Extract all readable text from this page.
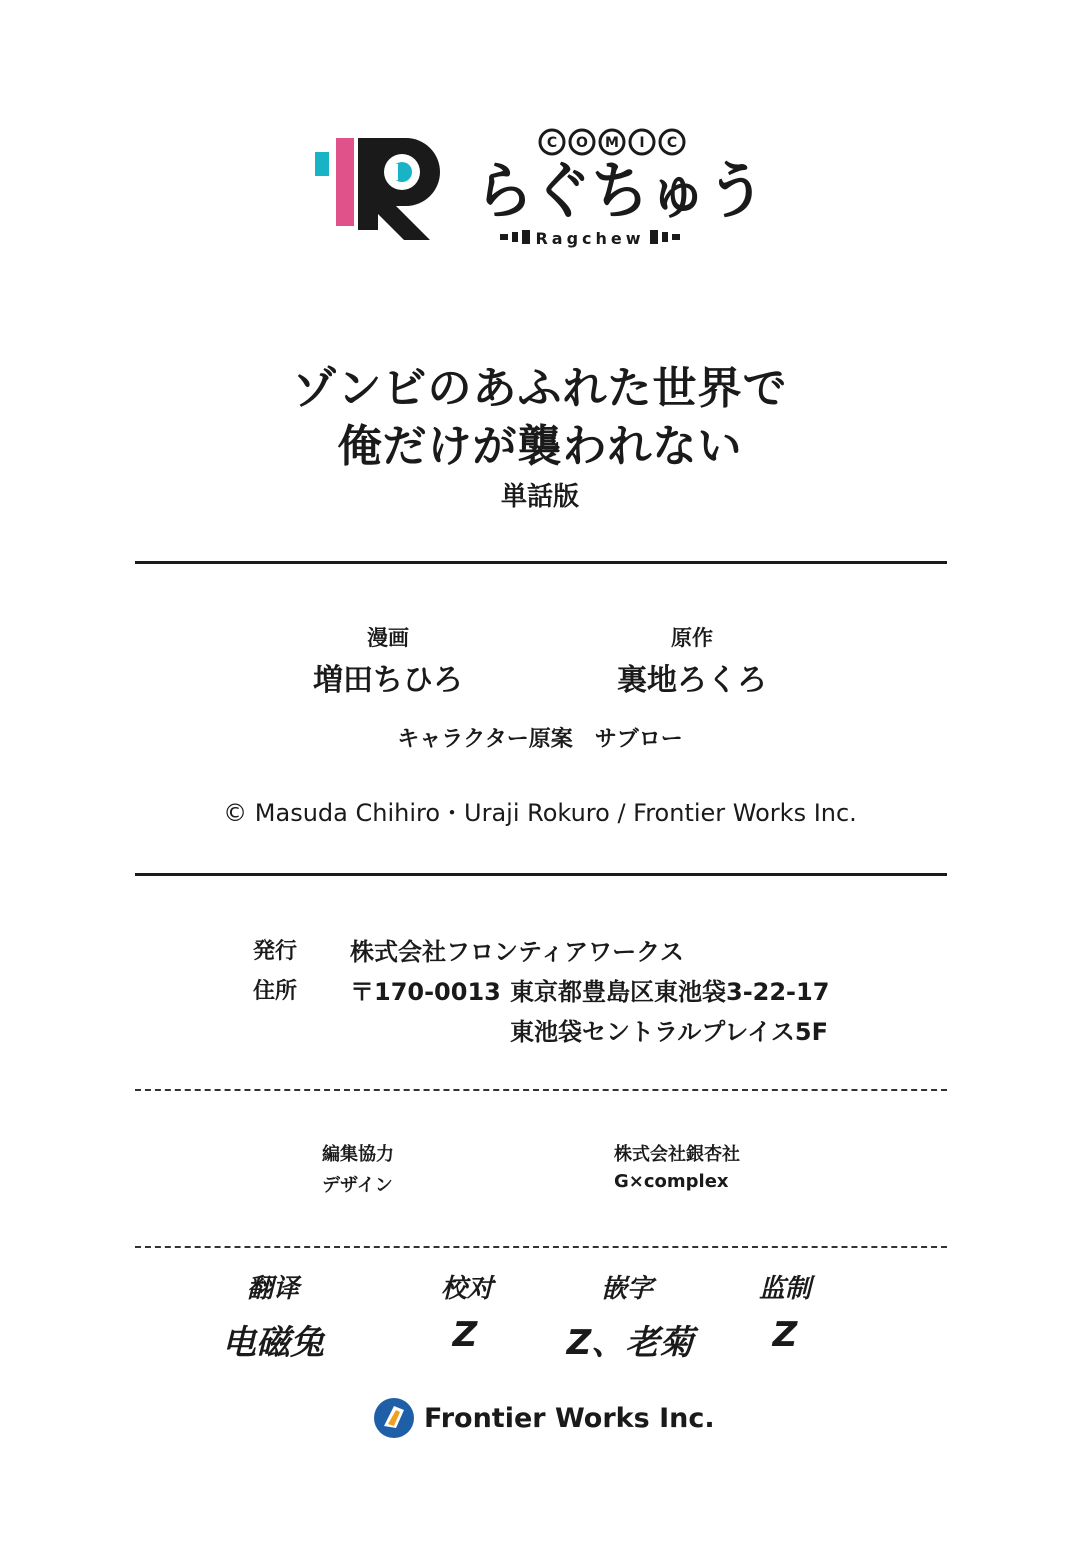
C O M I C
らぐちゅう
Ragchew
ゾンビのあふれた世界で
俺だけが襲われない
単話版
漫画	原作
増田ちひろ	裏地ろくろ
キャラクター原案　サブロー
© Masuda Chihiro・Uraji Rokuro / Frontier Works Inc.
発行 株式会社フロンティアワークス
住所 〒170-0013 東京都豊島区東池袋3-22-17
東池袋セントラルプレイス5F
編集協力	株式会社銀杏社
デザイン	G×complex
翻译	校对	嵌字	监制
电磁兔	Z	Z、老菊	Z
Frontier Works Inc.
